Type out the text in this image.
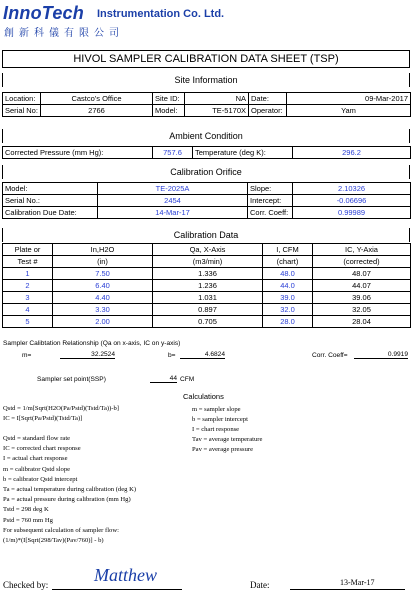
InnoTech Instrumentation Co. Ltd.
創新科儀有限公司
HIVOL SAMPLER CALIBRATION DATA SHEET (TSP)
Site Information
Location:	Castco's Office	Site ID:	NA	Date:	09-Mar-2017
Serial No:	2766	Model:	TE-5170X	Operator:	Yam
Ambient Condition
Corrected Pressure (mm Hg):	757.6	Temperature (deg K):	296.2
Calibration Orifice
Model:	TE-2025A	Slope:	2.10326
Serial No.:	2454	Intercept:	-0.06696
Calibration Due Date:	14-Mar-17	Corr. Coeff:	0.99989
Calibration Data
Plate or	In,H2O	Qa, X-Axis	I, CFM	IC, Y-Axia
Test #	(in)	(m3/min)	(chart)	(corrected)
1	7.50	1.336	48.0	48.07
2	6.40	1.236	44.0	44.07
3	4.40	1.031	39.0	39.06
4	3.30	0.897	32.0	32.05
5	2.00	0.705	28.0	28.04
Sampler Calibtation Relationship (Qa on x-axis, IC on y-axis)
m=	32.2524	b=	4.6824	Corr. Coeff=	0.9919
Sampler set point(SSP)	44 CFM
Calculations
Qstd = 1/m[Sqrt(H2O(Pa/Pstd)(Tstd/Ta))-b]
IC = I[Sqrt(Pa/Pstd)(Tstd/Ta)]
m = sampler slope
b = sampler intercept
I = chart response
Tav = average temperature
Pav = average pressure
Qstd = standard flow rate
IC = corrected chart response
I = actual chart response
m = calibrator Qstd slope
b = calibrator Qstd intercept
Ta = actual temperature during calibration (deg K)
Pa = actual pressure during calibration (mm Hg)
Tstd = 298 deg K
Pstd = 760 mm Hg
For subsequent calculation of sampler flow:
(1/m)*(I[Sqrt(298/Tav)(Pav/760)] - b)
Checked by:	Matthew	Date:	13-Mar-17
